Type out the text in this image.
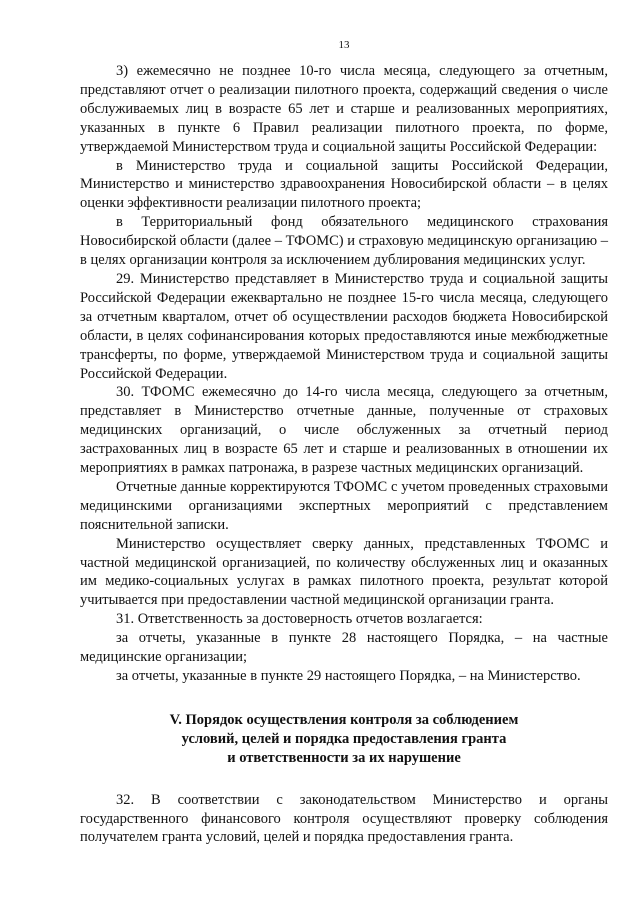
13

3) ежемесячно не позднее 10-го числа месяца, следующего за отчетным, представляют отчет о реализации пилотного проекта, содержащий сведения о числе обслуживаемых лиц в возрасте 65 лет и старше и реализованных мероприятиях, указанных в пункте 6 Правил реализации пилотного проекта, по форме, утверждаемой Министерством труда и социальной защиты Российской Федерации:

в Министерство труда и социальной защиты Российской Федерации, Министерство и министерство здравоохранения Новосибирской области – в целях оценки эффективности реализации пилотного проекта;

в Территориальный фонд обязательного медицинского страхования Новосибирской области (далее – ТФОМС) и страховую медицинскую организацию – в целях организации контроля за исключением дублирования медицинских услуг.

29. Министерство представляет в Министерство труда и социальной защиты Российской Федерации ежеквартально не позднее 15-го числа месяца, следующего за отчетным кварталом, отчет об осуществлении расходов бюджета Новосибирской области, в целях софинансирования которых предоставляются иные межбюджетные трансферты, по форме, утверждаемой Министерством труда и социальной защиты Российской Федерации.

30. ТФОМС ежемесячно до 14-го числа месяца, следующего за отчетным, представляет в Министерство отчетные данные, полученные от страховых медицинских организаций, о числе обслуженных за отчетный период застрахованных лиц в возрасте 65 лет и старше и реализованных в отношении их мероприятиях в рамках патронажа, в разрезе частных медицинских организаций.

Отчетные данные корректируются ТФОМС с учетом проведенных страховыми медицинскими организациями экспертных мероприятий с представлением пояснительной записки.

Министерство осуществляет сверку данных, представленных ТФОМС и частной медицинской организацией, по количеству обслуженных лиц и оказанных им медико-социальных услугах в рамках пилотного проекта, результат которой учитывается при предоставлении частной медицинской организации гранта.

31. Ответственность за достоверность отчетов возлагается:

за отчеты, указанные в пункте 28 настоящего Порядка, – на частные медицинские организации;

за отчеты, указанные в пункте 29 настоящего Порядка, – на Министерство.

V. Порядок осуществления контроля за соблюдением
условий, целей и порядка предоставления гранта
и ответственности за их нарушение

32. В соответствии с законодательством Министерство и органы государственного финансового контроля осуществляют проверку соблюдения получателем гранта условий, целей и порядка предоставления гранта.
